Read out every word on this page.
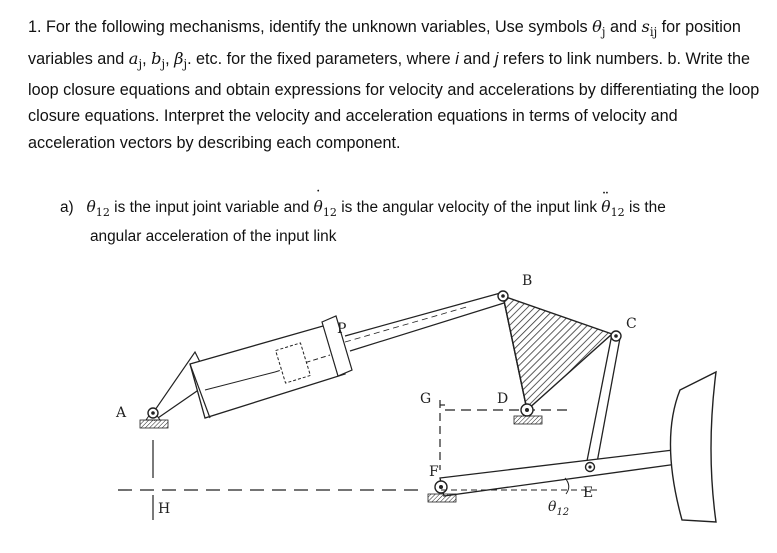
1. For the following mechanisms, identify the unknown variables, Use symbols $\theta_j$ and $s_{ij}$ for position variables and $a_j$, $b_j$, $\beta_j$. etc. for the fixed parameters, where i and j refers to link numbers. b. Write the loop closure equations and obtain expressions for velocity and accelerations by differentiating the loop closure equations. Interpret the velocity and acceleration equations in terms of velocity and acceleration vectors by describing each component.

a) $\theta_{12}$ is the input joint variable and θ $˙_{12}$ is the angular velocity of the input link θ $¨_{12}$ is the
angular acceleration of the input link

A
B
C
D
E
F
G
H
P
$\theta_{12}$
